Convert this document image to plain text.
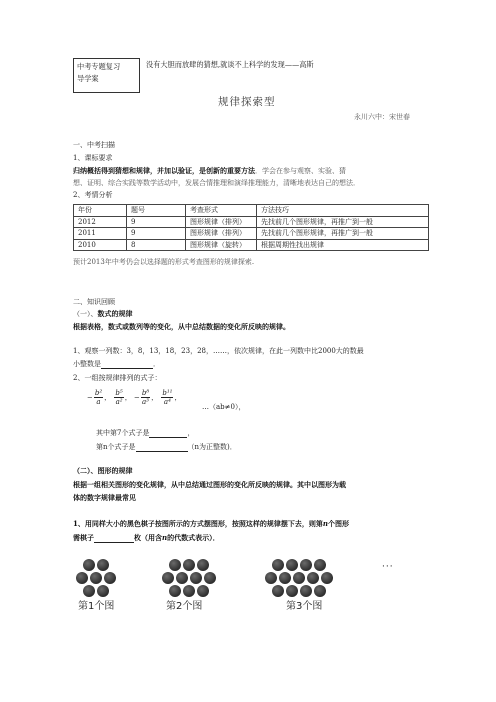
中考专题复习
导学案
没有大胆而放肆的猜想,就谈不上科学的发现——高斯
规律探索型
永川六中：宋世春
一、中考扫描
1、课标要求
归纳概括得到猜想和规律，并加以验证，是创新的重要方法．学会在参与观察、实验、猜
想、证明、综合实践等数学活动中，发展合情推理和演绎推理能力，清晰地表达自己的想法．
2、考情分析
年份	题号	考查形式	方法技巧
2012	9	图形规律（排列）	先找前几个图形规律，再推广到一般
2011	9	图形规律（排列）	先找前几个图形规律，再推广到一般
2010	8	图形规律（旋转）	根据周期性找出规律
预计2013年中考仍会以选择题的形式考查图形的规律探索.
二、知识回顾
（一）、数式的规律
根据表格，数式或数列等的变化，从中总结数据的变化所反映的规律。
1、观察一列数：3，8，13，18，23，28，……，依次规律，在此一列数中比2000大的数最
小整数是	．
2、一组按规律排列的式子：
− $\frac{\text{b²}}{a}$ ， $\frac{\text{b⁵}}{\text{a²}}$ ， − $\frac{\text{b⁸}}{\text{a³}}$ ， $\frac{\text{b¹¹}}{\text{a⁴}}$ ，
…（ab≠0），
其中第7个式子是	，
第n个式子是	（n为正整数)．
（二）、图形的规律
根据一组相关图形的变化规律，从中总结通过图形的变化所反映的规律。其中以图形为载
体的数字规律最常见
1、用同样大小的黑色棋子按图所示的方式摆图形，按照这样的规律摆下去，则第n个图形
需棋子	枚（用含n的代数式表示）．
···
第1个图	第2个图	第3个图
